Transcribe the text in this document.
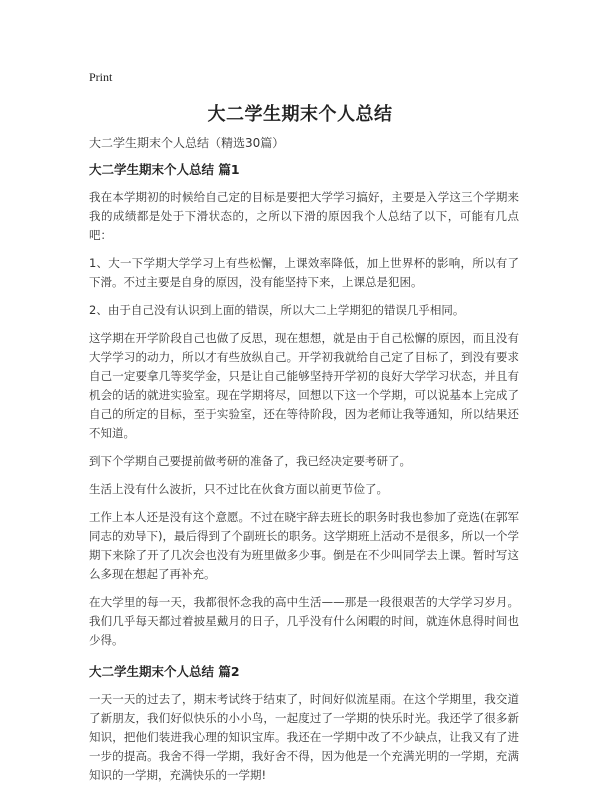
Print
大二学生期末个人总结

大二学生期末个人总结（精选30篇）

大二学生期末个人总结 篇1

我在本学期初的时候给自己定的目标是要把大学学习搞好，主要是入学这三个学期来我的成绩都是处于下滑状态的，之所以下滑的原因我个人总结了以下，可能有几点吧：

1、大一下学期大学学习上有些松懈，上课效率降低，加上世界杯的影响，所以有了下滑。不过主要是自身的原因，没有能坚持下来，上课总是犯困。

2、由于自己没有认识到上面的错误，所以大二上学期犯的错误几乎相同。

这学期在开学阶段自己也做了反思，现在想想，就是由于自己松懈的原因，而且没有大学学习的动力，所以才有些放纵自己。开学初我就给自己定了目标了，到没有要求自己一定要拿几等奖学金，只是让自己能够坚持开学初的良好大学学习状态，并且有机会的话的就进实验室。现在学期将尽，回想以下这一个学期，可以说基本上完成了自己的所定的目标，至于实验室，还在等待阶段，因为老师让我等通知，所以结果还不知道。

到下个学期自己要提前做考研的准备了，我已经决定要考研了。

生活上没有什么波折，只不过比在伙食方面以前更节俭了。

工作上本人还是没有这个意愿。不过在晓宇辞去班长的职务时我也参加了竞选(在郭军同志的劝导下)，最后得到了个副班长的职务。这学期班上活动不是很多，所以一个学期下来除了开了几次会也没有为班里做多少事。倒是在不少叫同学去上课。暂时写这么多现在想起了再补充。

在大学里的每一天，我都很怀念我的高中生活——那是一段很艰苦的大学学习岁月。我们几乎每天都过着披星戴月的日子，几乎没有什么闲暇的时间，就连休息得时间也少得。

大二学生期末个人总结 篇2

一天一天的过去了，期末考试终于结束了，时间好似流星雨。在这个学期里，我交道了新朋友，我们好似快乐的小小鸟，一起度过了一学期的快乐时光。我还学了很多新知识，把他们装进我心理的知识宝库。我还在一学期中改了不少缺点，让我又有了进一步的提高。我舍不得一学期，我好舍不得，因为他是一个充满光明的一学期，充满知识的一学期，充满快乐的一学期!
